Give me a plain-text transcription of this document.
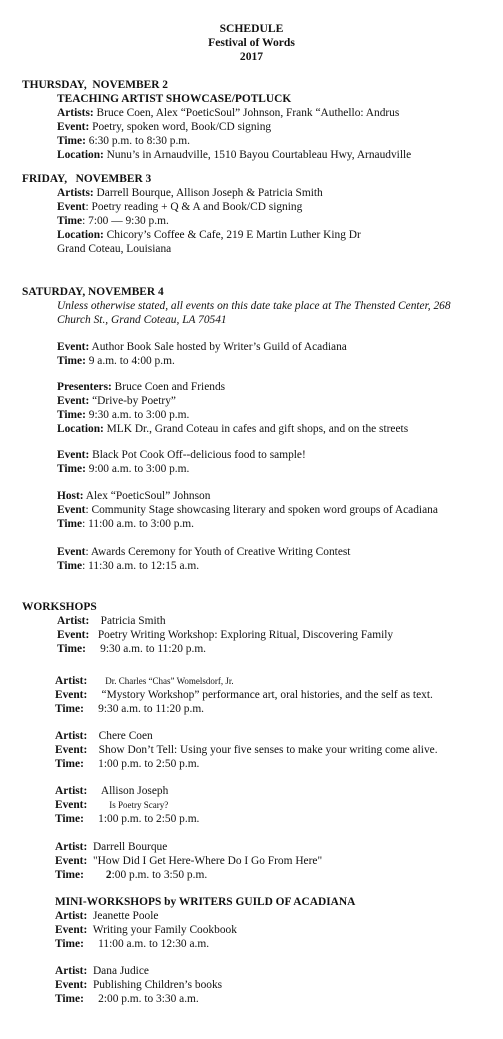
SCHEDULE
Festival of Words
2017
THURSDAY,  NOVEMBER 2
TEACHING ARTIST SHOWCASE/POTLUCK
Artists: Bruce Coen, Alex “PoeticSoul” Johnson, Frank “Authello: Andrus
Event: Poetry, spoken word, Book/CD signing
Time: 6:30 p.m. to 8:30 p.m.
Location: Nunu’s in Arnaudville, 1510 Bayou Courtableau Hwy, Arnaudville
FRIDAY,   NOVEMBER 3
Artists: Darrell Bourque, Allison Joseph & Patricia Smith
Event: Poetry reading + Q & A and Book/CD signing
Time: 7:00 — 9:30 p.m.
Location: Chicory’s Coffee & Cafe, 219 E Martin Luther King Dr
Grand Coteau, Louisiana
SATURDAY, NOVEMBER 4
Unless otherwise stated, all events on this date take place at The Thensted Center, 268
Church St., Grand Coteau, LA 70541
Event: Author Book Sale hosted by Writer’s Guild of Acadiana
Time: 9 a.m. to 4:00 p.m.
Presenters: Bruce Coen and Friends
Event: “Drive-by Poetry”
Time: 9:30 a.m. to 3:00 p.m.
Location: MLK Dr., Grand Coteau in cafes and gift shops, and on the streets
Event: Black Pot Cook Off--delicious food to sample!
Time: 9:00 a.m. to 3:00 p.m.
Host: Alex “PoeticSoul” Johnson
Event: Community Stage showcasing literary and spoken word groups of Acadiana
Time: 11:00 a.m. to 3:00 p.m.
Event: Awards Ceremony for Youth of Creative Writing Contest
Time: 11:30 a.m. to 12:15 a.m.
WORKSHOPS
Artist:    Patricia Smith
Event:   Poetry Writing Workshop: Exploring Ritual, Discovering Family
Time:     9:30 a.m. to 11:20 p.m.
Artist: Dr. Charles “Chas” Womelsdorf, Jr.
Event:     “Mystory Workshop” performance art, oral histories, and the self as text.
Time:     9:30 a.m. to 11:20 p.m.
Artist:    Chere Coen
Event:    Show Don’t Tell: Using your five senses to make your writing come alive.
Time:     1:00 p.m. to 2:50 p.m.
Artist:     Allison Joseph
Event: Is Poetry Scary?
Time:     1:00 p.m. to 2:50 p.m.
Artist:  Darrell Bourque
Event:  "How Did I Get Here-Where Do I Go From Here"
Time: 2:00 p.m. to 3:50 p.m.
MINI-WORKSHOPS by WRITERS GUILD OF ACADIANA
Artist:  Jeanette Poole
Event:  Writing your Family Cookbook
Time:     11:00 a.m. to 12:30 a.m.
Artist:  Dana Judice
Event:  Publishing Children’s books
Time:     2:00 p.m. to 3:30 a.m.
